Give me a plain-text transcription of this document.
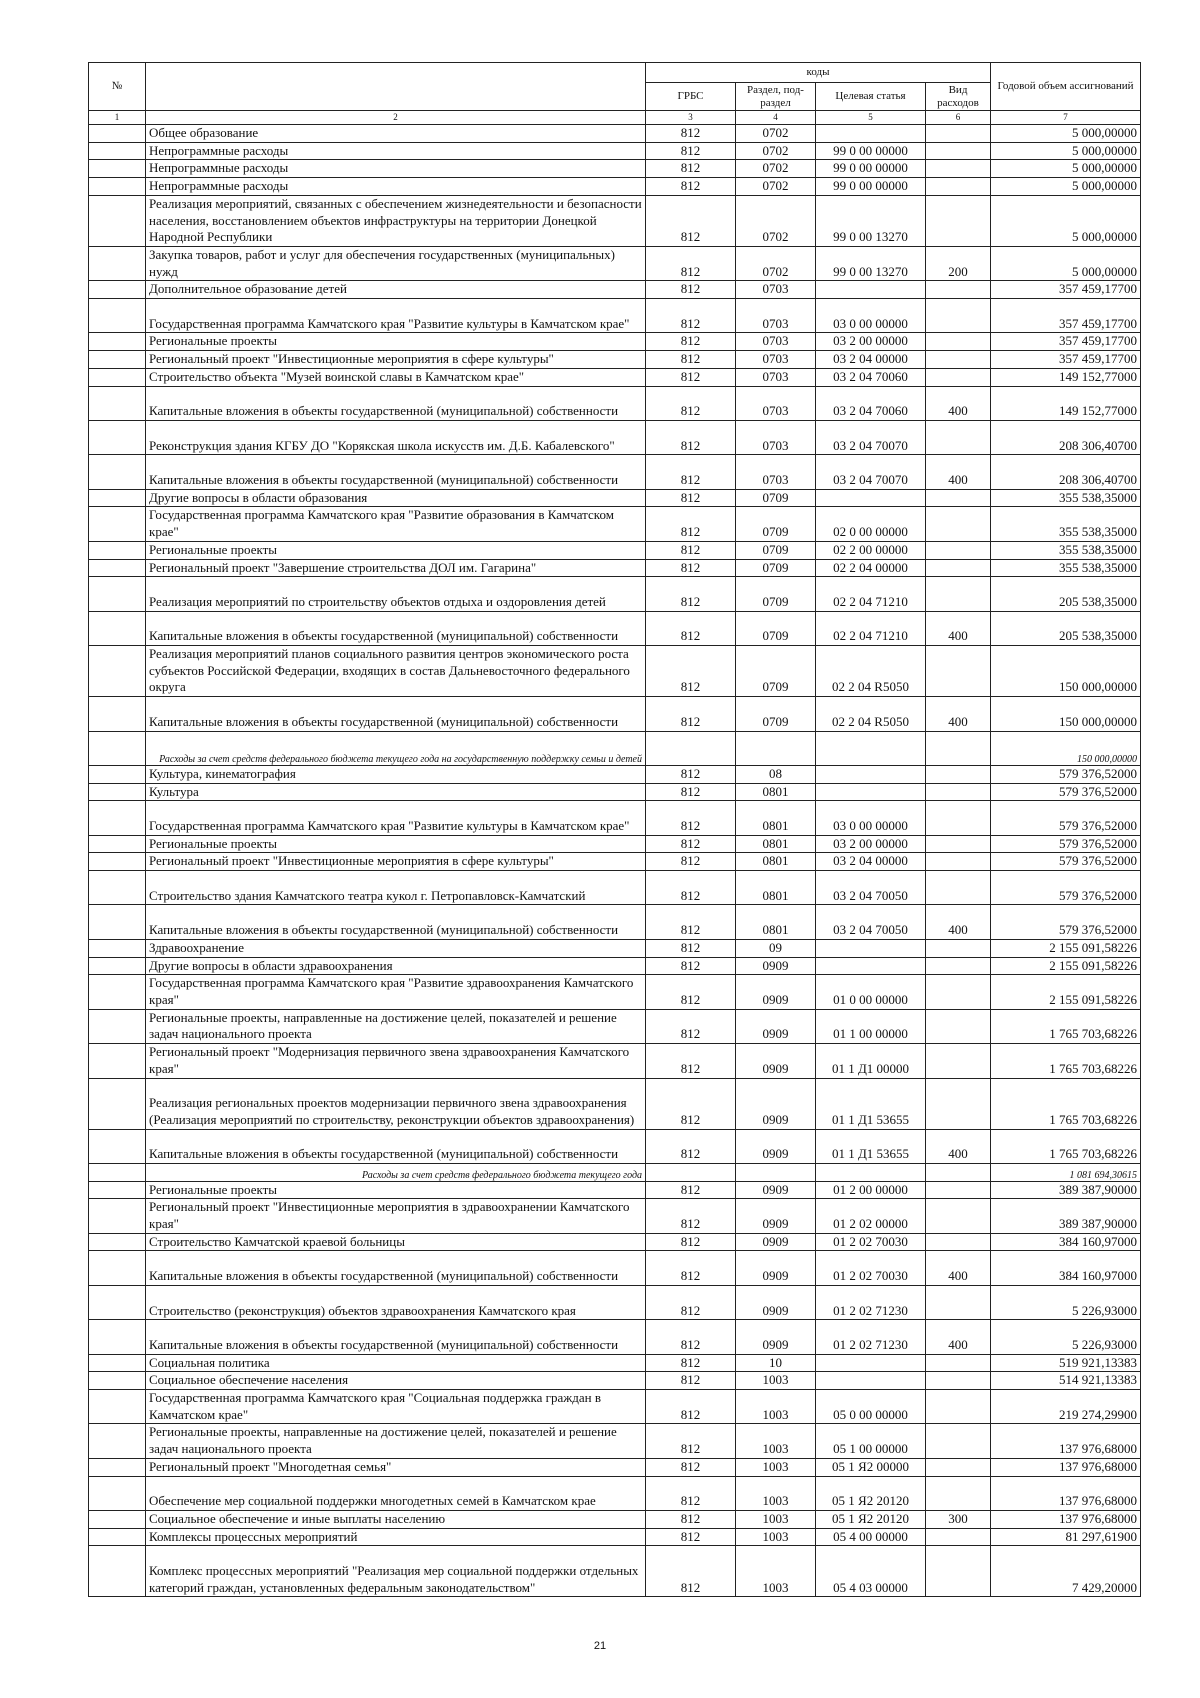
№		коды				Годовой объем ассигнований
		ГРБС	Раздел, под-раздел	Целевая статья	Вид расходов	
1	2	3	4	5	6	7
	Общее образование	812	0702			5 000,00000
	Непрограммные расходы	812	0702	99 0 00 00000		5 000,00000
	Непрограммные расходы	812	0702	99 0 00 00000		5 000,00000
	Непрограммные расходы	812	0702	99 0 00 00000		5 000,00000
	Реализация мероприятий, связанных с обеспечением жизнедеятельности и безопасности населения, восстановлением объектов инфраструктуры на территории Донецкой Народной Республики	812	0702	99 0 00 13270		5 000,00000
	Закупка товаров, работ и услуг для обеспечения государственных (муниципальных) нужд	812	0702	99 0 00 13270	200	5 000,00000
	Дополнительное образование детей	812	0703			357 459,17700
	Государственная программа Камчатского края "Развитие культуры в Камчатском крае"	812	0703	03 0 00 00000		357 459,17700
	Региональные проекты	812	0703	03 2 00 00000		357 459,17700
	Региональный проект "Инвестиционные мероприятия в сфере культуры"	812	0703	03 2 04 00000		357 459,17700
	Строительство объекта "Музей воинской славы в Камчатском крае"	812	0703	03 2 04 70060		149 152,77000
	Капитальные вложения в объекты государственной (муниципальной) собственности	812	0703	03 2 04 70060	400	149 152,77000
	Реконструкция здания КГБУ ДО "Корякская школа искусств им. Д.Б. Кабалевского"	812	0703	03 2 04 70070		208 306,40700
	Капитальные вложения в объекты государственной (муниципальной) собственности	812	0703	03 2 04 70070	400	208 306,40700
	Другие вопросы в области образования	812	0709			355 538,35000
	Государственная программа Камчатского края "Развитие образования в Камчатском крае"	812	0709	02 0 00 00000		355 538,35000
	Региональные проекты	812	0709	02 2 00 00000		355 538,35000
	Региональный проект "Завершение строительства ДОЛ им. Гагарина"	812	0709	02 2 04 00000		355 538,35000
	Реализация мероприятий по строительству объектов отдыха и оздоровления детей	812	0709	02 2 04 71210		205 538,35000
	Капитальные вложения в объекты государственной (муниципальной) собственности	812	0709	02 2 04 71210	400	205 538,35000
	Реализация мероприятий планов социального развития центров экономического роста субъектов Российской Федерации, входящих в состав Дальневосточного федерального округа	812	0709	02 2 04 R5050		150 000,00000
	Капитальные вложения в объекты государственной (муниципальной) собственности	812	0709	02 2 04 R5050	400	150 000,00000
	Расходы за счет средств федерального бюджета текущего года на государственную поддержку семьи и детей					150 000,00000
	Культура, кинематография	812	08			579 376,52000
	Культура	812	0801			579 376,52000
	Государственная программа Камчатского края "Развитие культуры в Камчатском крае"	812	0801	03 0 00 00000		579 376,52000
	Региональные проекты	812	0801	03 2 00 00000		579 376,52000
	Региональный проект "Инвестиционные мероприятия в сфере культуры"	812	0801	03 2 04 00000		579 376,52000
	Строительство здания Камчатского театра кукол г. Петропавловск-Камчатский	812	0801	03 2 04 70050		579 376,52000
	Капитальные вложения в объекты государственной (муниципальной) собственности	812	0801	03 2 04 70050	400	579 376,52000
	Здравоохранение	812	09			2 155 091,58226
	Другие вопросы в области здравоохранения	812	0909			2 155 091,58226
	Государственная программа Камчатского края "Развитие здравоохранения Камчатского края"	812	0909	01 0 00 00000		2 155 091,58226
	Региональные проекты, направленные на достижение целей, показателей и решение задач национального проекта	812	0909	01 1 00 00000		1 765 703,68226
	Региональный проект "Модернизация первичного звена здравоохранения Камчатского края"	812	0909	01 1 Д1 00000		1 765 703,68226
	Реализация региональных проектов модернизации первичного звена здравоохранения (Реализация мероприятий по строительству, реконструкции объектов здравоохранения)	812	0909	01 1 Д1 53655		1 765 703,68226
	Капитальные вложения в объекты государственной (муниципальной) собственности	812	0909	01 1 Д1 53655	400	1 765 703,68226
	Расходы за счет средств федерального бюджета текущего года					1 081 694,30615
	Региональные проекты	812	0909	01 2 00 00000		389 387,90000
	Региональный проект "Инвестиционные мероприятия в здравоохранении Камчатского края"	812	0909	01 2 02 00000		389 387,90000
	Строительство Камчатской краевой больницы	812	0909	01 2 02 70030		384 160,97000
	Капитальные вложения в объекты государственной (муниципальной) собственности	812	0909	01 2 02 70030	400	384 160,97000
	Строительство (реконструкция) объектов здравоохранения Камчатского края	812	0909	01 2 02 71230		5 226,93000
	Капитальные вложения в объекты государственной (муниципальной) собственности	812	0909	01 2 02 71230	400	5 226,93000
	Социальная политика	812	10			519 921,13383
	Социальное обеспечение населения	812	1003			514 921,13383
	Государственная программа Камчатского края "Социальная поддержка граждан в Камчатском крае"	812	1003	05 0 00 00000		219 274,29900
	Региональные проекты, направленные на достижение целей, показателей и решение задач национального проекта	812	1003	05 1 00 00000		137 976,68000
	Региональный проект "Многодетная семья"	812	1003	05 1 Я2 00000		137 976,68000
	Обеспечение мер социальной поддержки многодетных семей в Камчатском крае	812	1003	05 1 Я2 20120		137 976,68000
	Социальное обеспечение и иные выплаты населению	812	1003	05 1 Я2 20120	300	137 976,68000
	Комплексы процессных мероприятий	812	1003	05 4 00 00000		81 297,61900
	Комплекс процессных мероприятий "Реализация мер социальной поддержки отдельных категорий граждан, установленных федеральным законодательством"	812	1003	05 4 03 00000		7 429,20000
21
